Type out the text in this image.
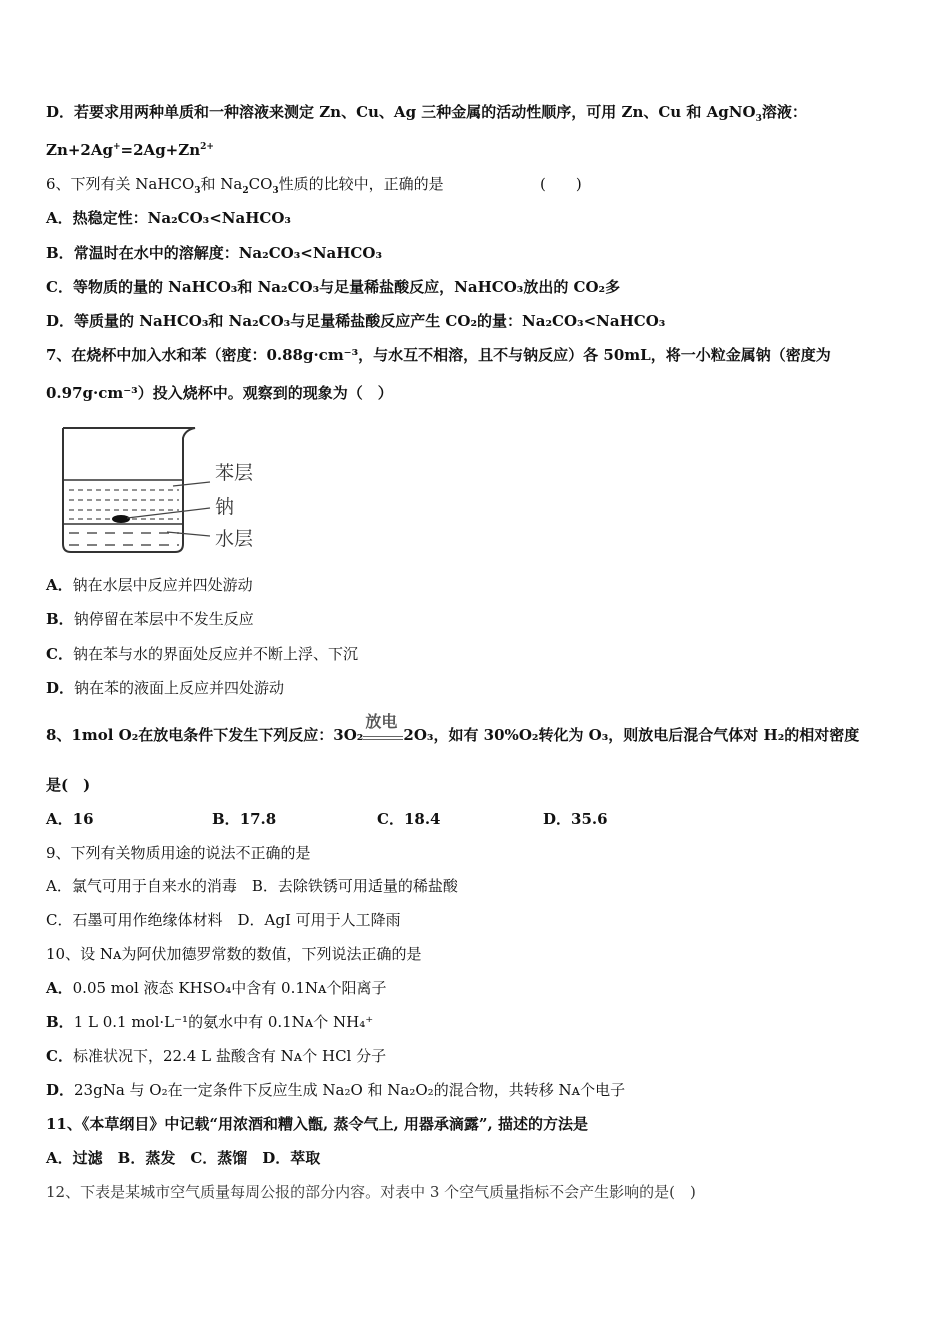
D．若要求用两种单质和一种溶液来测定 Zn、Cu、Ag 三种金属的活动性顺序，可用 Zn、Cu 和 AgNO$_3$溶液：
$Zn+2Ag^+=2Ag+Zn^{2+}$
6、下列有关 NaHCO$_3$和 $Na_2CO_3$性质的比较中，正确的是	(　　)
A．热稳定性：Na₂CO₃<NaHCO₃
B．常温时在水中的溶解度：Na₂CO₃<NaHCO₃
C．等物质的量的 NaHCO₃和 Na₂CO₃与足量稀盐酸反应，NaHCO₃放出的 CO₂多
D．等质量的 NaHCO₃和 Na₂CO₃与足量稀盐酸反应产生 CO₂的量：Na₂CO₃<NaHCO₃
7、在烧杯中加入水和苯（密度：0.88g·cm⁻³，与水互不相溶，且不与钠反应）各 50mL，将一小粒金属钠（密度为
0.97g·cm⁻³）投入烧杯中。观察到的现象为（　）
苯层
钠
水层
A．钠在水层中反应并四处游动
B．钠停留在苯层中不发生反应
C．钠在苯与水的界面处反应并不断上浮、下沉
D．钠在苯的液面上反应并四处游动
8、1mol O₂在放电条件下发生下列反应：3O₂
放电
2O₃，如有 30%O₂转化为 O₃，则放电后混合气体对 H₂的相对密度
是(　)
A．16	B．17.8	C．18.4	D．35.6
9、下列有关物质用途的说法不正确的是
A．氯气可用于自来水的消毒　B．去除铁锈可用适量的稀盐酸
C．石墨可用作绝缘体材料　D．AgI 可用于人工降雨
10、设 Nᴀ为阿伏加德罗常数的数值，下列说法正确的是
A．0.05 mol 液态 KHSO₄中含有 0.1Nᴀ个阳离子
B．1 L 0.1 mol·L⁻¹的氨水中有 0.1Nᴀ个 NH₄⁺
C．标准状况下，22.4 L 盐酸含有 Nᴀ个 HCl 分子
D．23gNa 与 O₂在一定条件下反应生成 Na₂O 和 Na₂O₂的混合物，共转移 Nᴀ个电子
11、《本草纲目》中记载“用浓酒和糟入甑, 蒸令气上, 用器承滴露”, 描述的方法是
A．过滤　B．蒸发　C．蒸馏　D．萃取
12、下表是某城市空气质量每周公报的部分内容。对表中 3 个空气质量指标不会产生影响的是(　)
